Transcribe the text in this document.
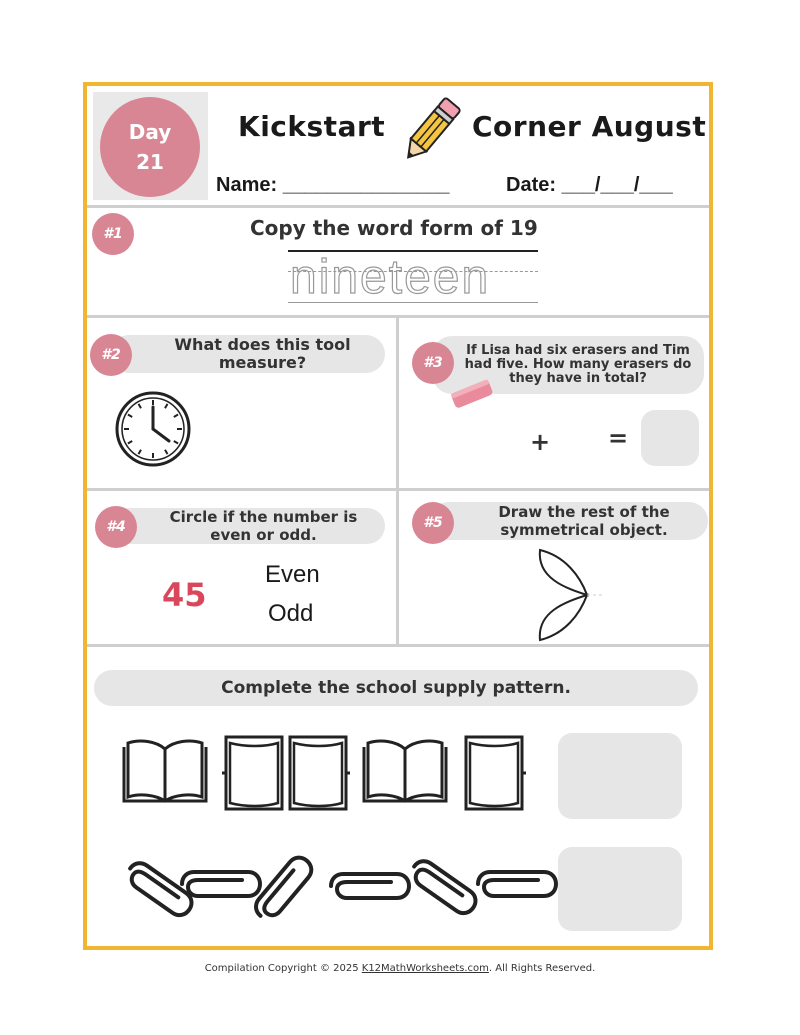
Day
21
Kickstart	Corner August
Name: _______________	Date: ___/___/___
#1	Copy the word form of 19
nineteen
What does this tool measure?
#2	If Lisa had six erasers and Tim had five. How many erasers do they have in total?
#3
+ =
Circle if the number is even or odd.
#4
45
Even
Odd
Draw the rest of the symmetrical object.
#5
Complete the school supply pattern.
Compilation Copyright © 2025 K12MathWorksheets.com. All Rights Reserved.
